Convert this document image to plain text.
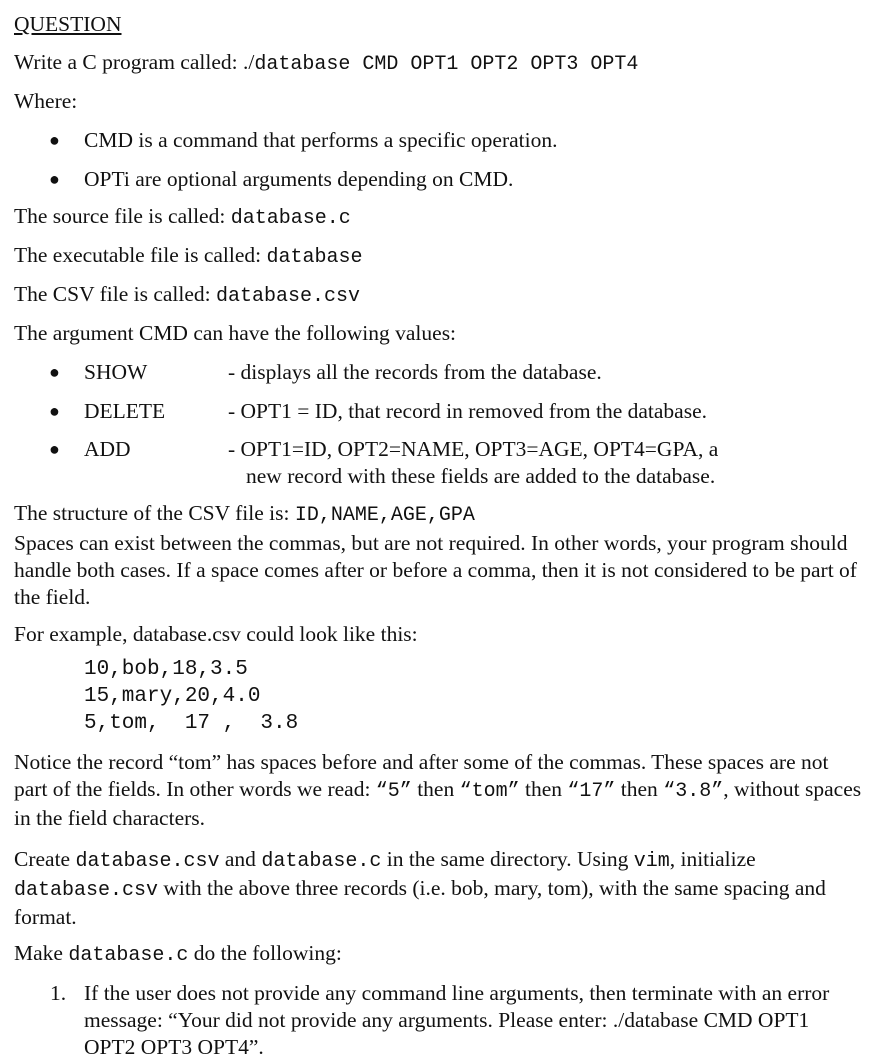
QUESTION
Write a C program called: ./database CMD OPT1 OPT2 OPT3 OPT4
Where:
● CMD is a command that performs a specific operation.
● OPTi are optional arguments depending on CMD.
The source file is called: database.c
The executable file is called: database
The CSV file is called: database.csv
The argument CMD can have the following values:
● SHOW	- displays all the records from the database.
● DELETE	- OPT1 = ID, that record in removed from the database.
● ADD	- OPT1=ID, OPT2=NAME, OPT3=AGE, OPT4=GPA, a
new record with these fields are added to the database.
The structure of the CSV file is: ID,NAME,AGE,GPA
Spaces can exist between the commas, but are not required. In other words, your program should handle both cases. If a space comes after or before a comma, then it is not considered to be part of the field.
For example, database.csv could look like this:
10,bob,18,3.5
15,mary,20,4.0
5,tom,  17 ,  3.8
Notice the record “tom” has spaces before and after some of the commas. These spaces are not part of the fields. In other words we read: “5” then “tom” then “17” then “3.8”, without spaces in the field characters.
Create database.csv and database.c in the same directory. Using vim, initialize database.csv with the above three records (i.e. bob, mary, tom), with the same spacing and format.
Make database.c do the following:
1. If the user does not provide any command line arguments, then terminate with an error message: “Your did not provide any arguments. Please enter: ./database CMD OPT1 OPT2 OPT3 OPT4”.
